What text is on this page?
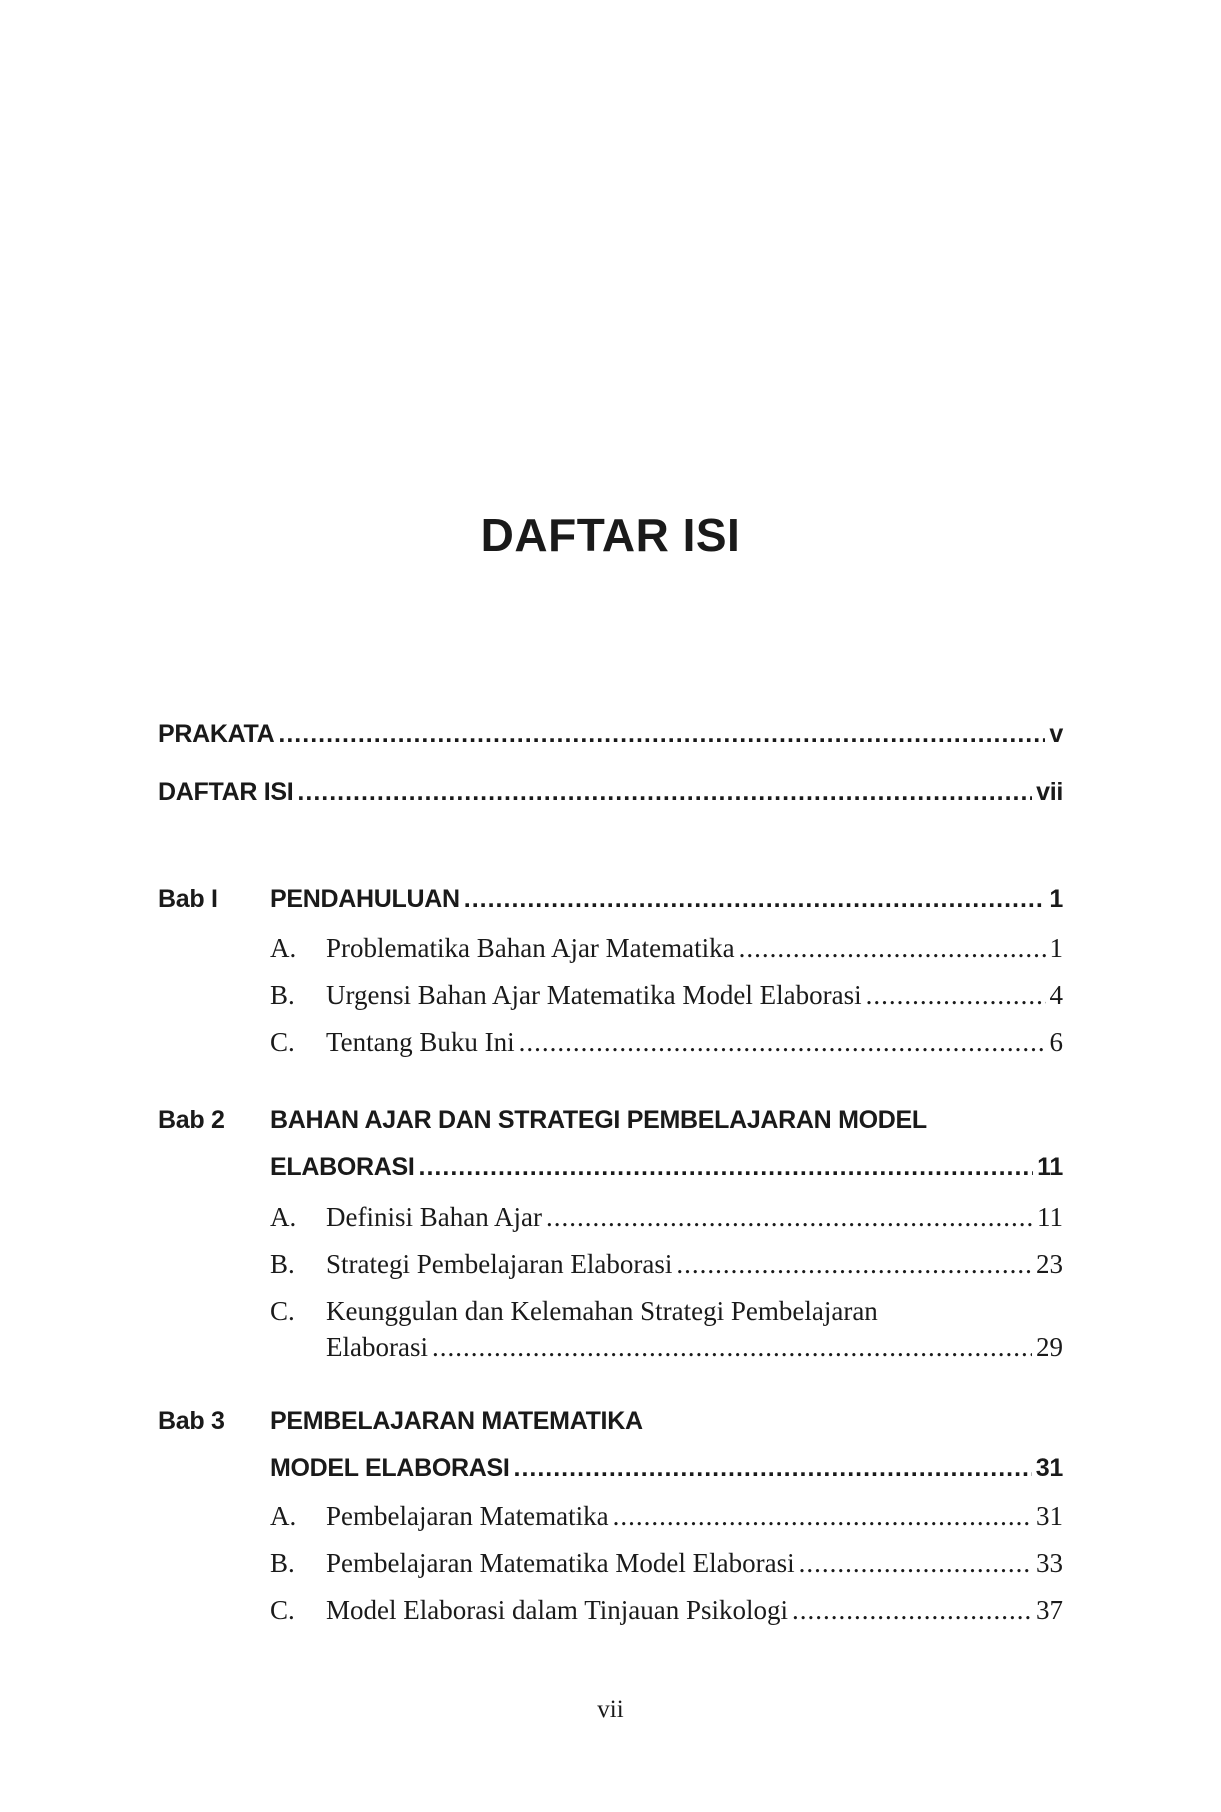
DAFTAR ISI
PRAKATA .....	v
DAFTAR ISI .....	vii
Bab I PENDAHULUAN .....	1
A.	Problematika Bahan Ajar Matematika .....	1
B.	Urgensi Bahan Ajar Matematika Model Elaborasi .....	4
C.	Tentang Buku Ini .....	6
Bab 2 BAHAN AJAR DAN STRATEGI PEMBELAJARAN MODEL
ELABORASI .....	11
A.	Definisi Bahan Ajar .....	11
B.	Strategi Pembelajaran Elaborasi .....	23
C.	Keunggulan dan Kelemahan Strategi Pembelajaran
Elaborasi .....	29
Bab 3 PEMBELAJARAN MATEMATIKA
MODEL ELABORASI .....	31
A.	Pembelajaran Matematika .....	31
B.	Pembelajaran Matematika Model Elaborasi .....	33
C.	Model Elaborasi dalam Tinjauan Psikologi .....	37
vii
